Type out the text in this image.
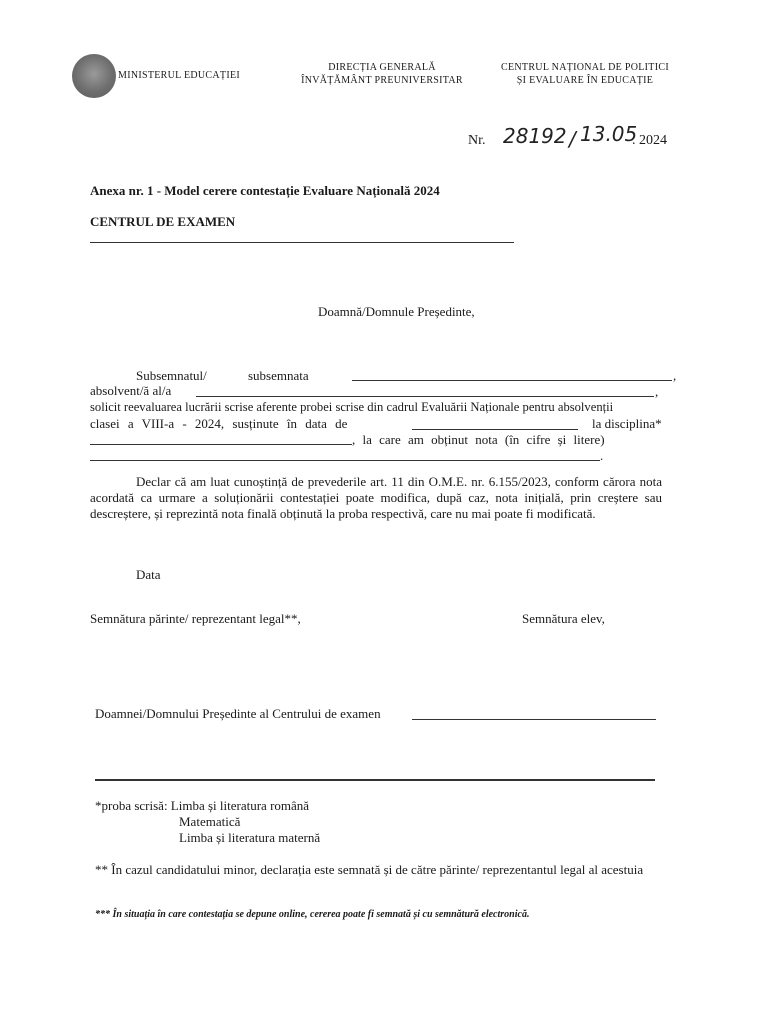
MINISTERUL EDUCAȚIEI
DIRECȚIA GENERALĂ
ÎNVĂȚĂMÂNT PREUNIVERSITAR
CENTRUL NAȚIONAL DE POLITICI
ȘI EVALUARE ÎN EDUCAȚIE
Nr. 28192 / 13.05
. 2024
Anexa nr. 1 - Model cerere contestație Evaluare Națională 2024
CENTRUL DE EXAMEN
Doamnă/Domnule Președinte,
Subsemnatul/	subsemnata	,
absolvent/ă al/a	,
solicit reevaluarea lucrării scrise aferente probei scrise din cadrul Evaluării Naționale pentru absolvenții
clasei a VIII-a - 2024, susținute în data de	la disciplina*
, la care am obținut nota (în cifre și litere)
.
Declar că am luat cunoștință de prevederile art. 11 din O.M.E. nr. 6.155/2023, conform cărora nota acordată ca urmare a soluționării contestației poate modifica, după caz, nota inițială, prin creștere sau descreștere, și reprezintă nota finală obținută la proba respectivă, care nu mai poate fi modificată.
Data
Semnătura părinte/ reprezentant legal**,	Semnătura elev,
Doamnei/Domnului Președinte al Centrului de examen
*proba scrisă: Limba și literatura română
Matematică
Limba și literatura maternă
** În cazul candidatului minor, declarația este semnată și de către părinte/ reprezentantul legal al acestuia
*** În situația în care contestația se depune online, cererea poate fi semnată și cu semnătură electronică.
